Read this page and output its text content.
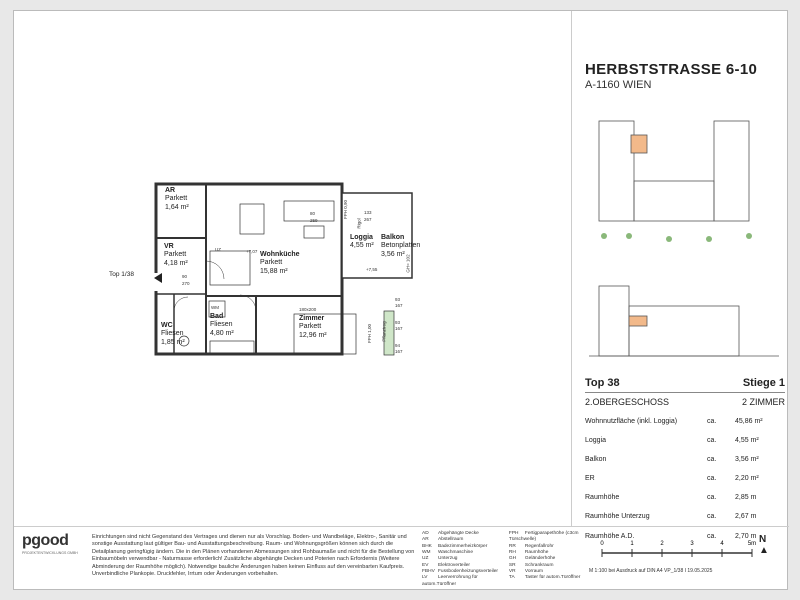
Top 1/38
AR
Parkett
1,64 m²
VR
Parkett
4,18 m²
WC
Fliesen
1,85 m²
Bad
Fliesen
4,80 m²
Wohnküche
Parkett
15,88 m²
180x200
Zimmer
Parkett
12,96 m²
Loggia
4,55 m²
Balkon
Betonplatten
3,56 m²
+7,07
+7,55
90
270
80
259
133
267
93
167
93
167
94
167
UZ
WM
FPH 0,90
FPH 1,00
GH= 102
Rigol
Pflanztrog
HERBSTSTRASSE 6-10
A-1160 WIEN
Top 38	Stiege 1
2.OBERGESCHOSS	2 ZIMMER
Wohnnutzfläche (inkl. Loggia)	ca.	45,86 m²
Loggia	ca.	4,55 m²
Balkon	ca.	3,56 m²
ER	ca.	2,20 m²
Raumhöhe	ca.	2,85 m
Raumhöhe Unterzug	ca.	2,67 m
Raumhöhe A.D.	ca.	2,70 m
pgood
PROJEKTENTWICKLUNGS GMBH
Einrichtungen sind nicht Gegenstand des Vertrages und dienen nur als Vorschlag. Boden- und Wandbeläge, Elektro-, Sanitär und sonstige Ausstattung laut gültiger Bau- und Ausstattungsbeschreibung. Raum- und Wohnungsgrößen können sich durch die Detailplanung geringfügig ändern. Die in den Plänen vorhandenen Abmessungen sind Rohbaumaße und nicht für die Bestellung von Einbaumöbeln verwendbar - Naturmasse erforderlich! Zusätzliche abgehängte Decken und Poterien nach Erfordernis (Weitere Abminderung der Raumhöhe möglich). Notwendige bauliche Änderungen haben keinen Einfluss auf den vereinbarten Kaufpreis. Unverbindliche Plankopie. Druckfehler, Irrtum oder Änderungen vorbehalten.
AD Abgehängte Decke
AR Abstellraum
BHK Badezimmerheizkörper
WM Waschmaschine
UZ Unterzug
EV Elektroverteiler
FBHV Fussbodenheizungsverteiler
LV Leerverrohrung für autom.Türöffner
FPH Fertigparapethöhe (c3cm Türschwelle)
RR Regenfallrohr
RH Raumhöhe
GH Geländerhöhe
SR Schrankraum
VR Vorraum
TA Taster für autom.Türöffner
0	1	2	3	4	5m
M 1:100 bei Ausdruck auf DIN A4 VP_1/38 I 19.05.2025
N
▲
